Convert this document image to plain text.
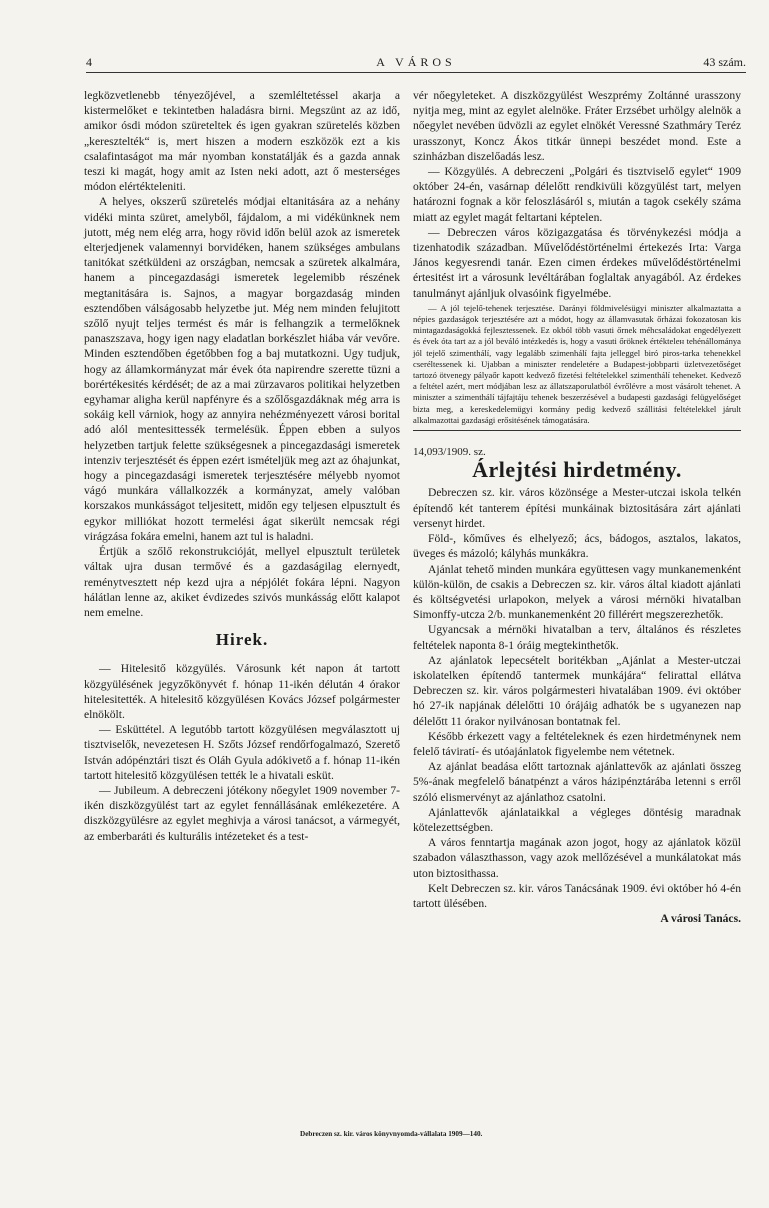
4	A VÁROS	43 szám.

legközvetlenebb tényezőjével, a szemléltetéssel akarja a kistermelőket e tekintetben haladásra birni. Megszünt az az idő, amikor ósdi módon szüreteltek és igen gyakran szüretelés közben „keresztelték“ is, mert hiszen a modern eszközök ezt a kis csalafintaságot ma már nyomban konstatálják és a gazda annak teszi ki magát, hogy amit az Isten neki adott, azt ő mesterséges módon elértékteleniti.

A helyes, okszerű szüretelés módjai eltanitására az a nehány vidéki minta szüret, amelyből, fájdalom, a mi vidékünknek nem jutott, még nem elég arra, hogy rövid időn belül azok az ismeretek elterjedjenek valamennyi borvidéken, hanem szükséges ambulans tanitókat szétküldeni az országban, nemcsak a szüretek alkalmára, hanem a pincegazdasági ismeretek legelemibb részének megtanitására is. Sajnos, a magyar borgazdaság minden esztendőben válságosabb helyzetbe jut. Még nem minden felujitott szőlő nyujt teljes termést és már is felhangzik a termelőknek panaszszava, hogy igen nagy eladatlan borkészlet hiába vár vevőre. Minden esztendőben égetőbben fog a baj mutatkozni. Ugy tudjuk, hogy az államkormányzat már évek óta napirendre szerette tüzni a borértékesités kérdését; de az a mai zürzavaros politikai helyzetben egyhamar aligha kerül napfényre és a szőlősgazdáknak még arra is sokáig kell várniok, hogy az annyira nehézményezett városi borital adó alól mentesittessék termelésük. Éppen ebben a sulyos helyzetben tartjuk felette szükségesnek a pincegazdasági ismeretek intenziv terjesztését és éppen ezért ismételjük meg azt az óhajunkat, hogy a pincegazdasági ismeretek terjesztésére mélyebb nyomot vágó munkára vállalkozzék a kormányzat, amely valóban korszakos munkásságot teljesitett, midőn egy teljesen elpusztult és egykor milliókat hozott termelési ágat sikerült nemcsak régi virágzása fokára emelni, hanem azt tul is haladni.

Értjük a szőlő rekonstrukcióját, mellyel elpusztult területek váltak ujra dusan termővé és a gazdaságilag elernyedt, reménytvesztett nép kezd ujra a népjólét fokára lépni. Nagyon hálátlan lenne az, akiket évdizedes szivós munkásság előtt kalapot nem emelne.

Hirek.

— Hitelesitő közgyülés. Városunk két napon át tartott közgyülésének jegyzőkönyvét f. hónap 11-ikén délután 4 órakor hitelesitették. A hitelesitő közgyülésen Kovács József polgármester elnökölt.

— Esküttétel. A legutóbb tartott közgyülésen megválasztott uj tisztviselők, nevezetesen H. Szőts József rendőrfogalmazó, Szerető István adópénztári tiszt és Oláh Gyula adókivető a f. hónap 11-ikén tartott hitelesitő közgyülésen tették le a hivatali esküt.

— Jubileum. A debreczeni jótékony nőegylet 1909 november 7-ikén diszközgyülést tart az egylet fennállásának emlékezetére. A diszközgyülésre az egylet meghivja a városi tanácsot, a vármegyét, az emberbaráti és kulturális intézeteket és a test-

vér nőegyleteket. A diszközgyülést Weszprémy Zoltánné urasszony nyitja meg, mint az egylet alelnöke. Fráter Erzsébet urhölgy alelnök a nőegylet nevében üdvözli az egylet elnökét Veressné Szathmáry Teréz urasszonyt, Koncz Ákos titkár ünnepi beszédet mond. Este a szinházban diszelőadás lesz.

— Közgyülés. A debreczeni „Polgári és tisztviselő egylet“ 1909 október 24-én, vasárnap délelőtt rendkivüli közgyülést tart, melyen határozni fognak a kör feloszlásáról s, miután a tagok csekély száma miatt az egylet magát feltartani képtelen.

— Debreczen város közigazgatása és törvénykezési módja a tizenhatodik században. Művelődéstörténelmi értekezés Irta: Varga János kegyesrendi tanár. Ezen cimen érdekes művelődéstörténelmi értesitést irt a városunk levéltárában foglaltak anyagából. Az érdekes tanulmányt ajánljuk olvasóink figyelmébe.

— A jól tejelő-tehenek terjesztése. Darányi földmivelésügyi miniszter alkalmaztatta a népies gazdaságok terjesztésére azt a módot, hogy az államvasutak őrházai fokozatosan kis mintagazdaságokká fejlesztessenek. Ez okból több vasuti őrnek méhcsaládokat engedélyezett és évek óta tart az a jól beváló intézkedés is, hogy a vasuti őröknek értékteleн tehénállománya jól tejelő szimenthálí, vagy legalább szimenhálí fajta jelleggel biró piros-tarka tehenekkel cseréltessenek ki. Ujabban a miniszter rendeletére a Budapest-jobbparti üzletvezetőséget tartozó ötvenegy pályaőr kapott kedvező fizetési feltételekkel szimenthálí teheneket. Kedvező a feltétel azért, mert módjában lesz az állatszaporulatból évrőlévre a most vásárolt tehenet. A miniszter a szimenthálí tájfajtáju tehenek beszerzésével a budapesti gazdasági felügyelőséget bizta meg, a kereskedelemügyi kormány pedig kedvező szállitási feltételekkel járult alkalmazottai gazdasági erősitésének támogatására.

14,093/1909. sz.

Árlejtési hirdetmény.

Debreczen sz. kir. város közönsége a Mester-utczai iskola telkén építendő két tanterem építési munkáinak biztositására zárt ajánlati versenyt hirdet.

Föld-, kőműves és elhelyező; ács, bádogos, asztalos, lakatos, üveges és mázoló; kályhás munkákra.

Ajánlat tehető minden munkára együttesen vagy munkanemenként külön-külön, de csakis a Debreczen sz. kir. város által kiadott ajánlati és költségvetési urlapokon, melyek a városi mérnöki hivatalban Simonffy-utcza 2/b. munkanemenként 20 fillérért megszerezhetők.

Ugyancsak a mérnöki hivatalban a terv, általános és részletes feltételek naponta 8-1 óráig megtekinthetők.

Az ajánlatok lepecsételt boritékban „Ajánlat a Mester-utczai iskolatelken építendő tantermek munkájára“ felirattal ellátva Debreczen sz. kir. város polgármesteri hivatalában 1909. évi október hó 27-ik napjának délelőtti 10 órájáig adhatók be s ugyanezen nap délelőtt 11 órakor nyilvánosan bontatnak fel.

Később érkezett vagy a feltételeknek és ezen hirdetménynek nem felelő táviratí- és utóajánlatok figyelembe nem vétetnek.

Az ajánlat beadása előtt tartoznak ajánlattevők az ajánlati összeg 5%-ának megfelelő bánatpénzt a város házipénztárába letenni s erről szóló elismervényt az ajánlathoz csatolni.

Ajánlattevők ajánlataikkal a végleges döntésig maradnak kötelezettségben.

A város fenntartja magának azon jogot, hogy az ajánlatok közül szabadon választhasson, vagy azok mellőzésével a munkálatokat más uton biztosithassa.

Kelt Debreczen sz. kir. város Tanácsának 1909. évi október hó 4-én tartott ülésében.

A városi Tanács.

Debreczen sz. kir. város könyvnyomda-vállalata 1909—140.
